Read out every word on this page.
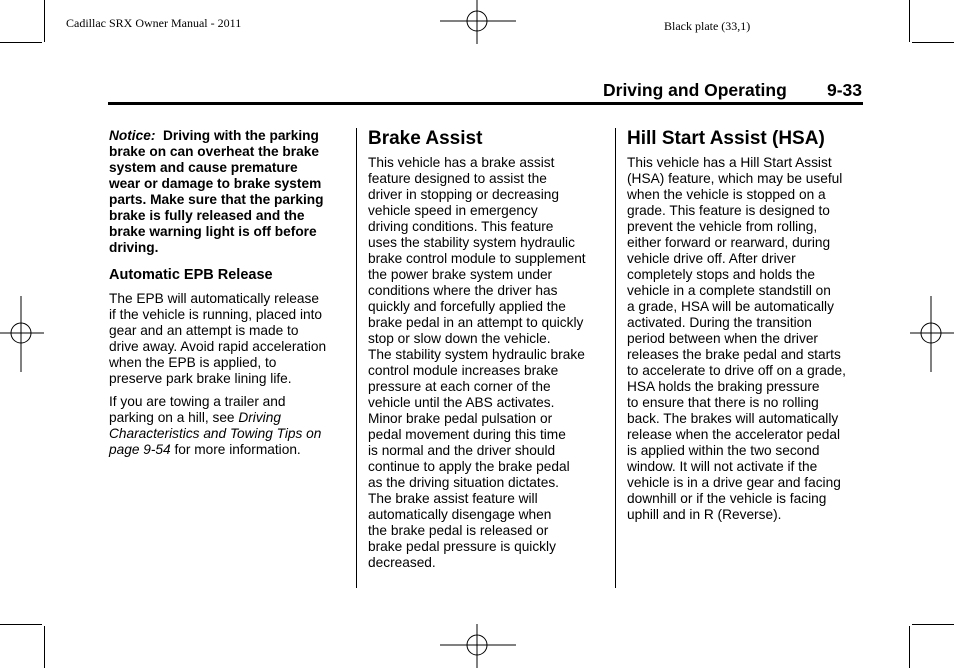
Cadillac SRX Owner Manual - 2011	Black plate (33,1)
Driving and Operating 9-33

Notice: Driving with the parking
brake on can overheat the brake
system and cause premature
wear or damage to brake system
parts. Make sure that the parking
brake is fully released and the
brake warning light is off before
driving.

Automatic EPB Release

The EPB will automatically release
if the vehicle is running, placed into
gear and an attempt is made to
drive away. Avoid rapid acceleration
when the EPB is applied, to
preserve park brake lining life.

If you are towing a trailer and
parking on a hill, see Driving
Characteristics and Towing Tips on
page 9-54 for more information.

Brake Assist

This vehicle has a brake assist
feature designed to assist the
driver in stopping or decreasing
vehicle speed in emergency
driving conditions. This feature
uses the stability system hydraulic
brake control module to supplement
the power brake system under
conditions where the driver has
quickly and forcefully applied the
brake pedal in an attempt to quickly
stop or slow down the vehicle.
The stability system hydraulic brake
control module increases brake
pressure at each corner of the
vehicle until the ABS activates.
Minor brake pedal pulsation or
pedal movement during this time
is normal and the driver should
continue to apply the brake pedal
as the driving situation dictates.
The brake assist feature will
automatically disengage when
the brake pedal is released or
brake pedal pressure is quickly
decreased.

Hill Start Assist (HSA)

This vehicle has a Hill Start Assist
(HSA) feature, which may be useful
when the vehicle is stopped on a
grade. This feature is designed to
prevent the vehicle from rolling,
either forward or rearward, during
vehicle drive off. After driver
completely stops and holds the
vehicle in a complete standstill on
a grade, HSA will be automatically
activated. During the transition
period between when the driver
releases the brake pedal and starts
to accelerate to drive off on a grade,
HSA holds the braking pressure
to ensure that there is no rolling
back. The brakes will automatically
release when the accelerator pedal
is applied within the two second
window. It will not activate if the
vehicle is in a drive gear and facing
downhill or if the vehicle is facing
uphill and in R (Reverse).
